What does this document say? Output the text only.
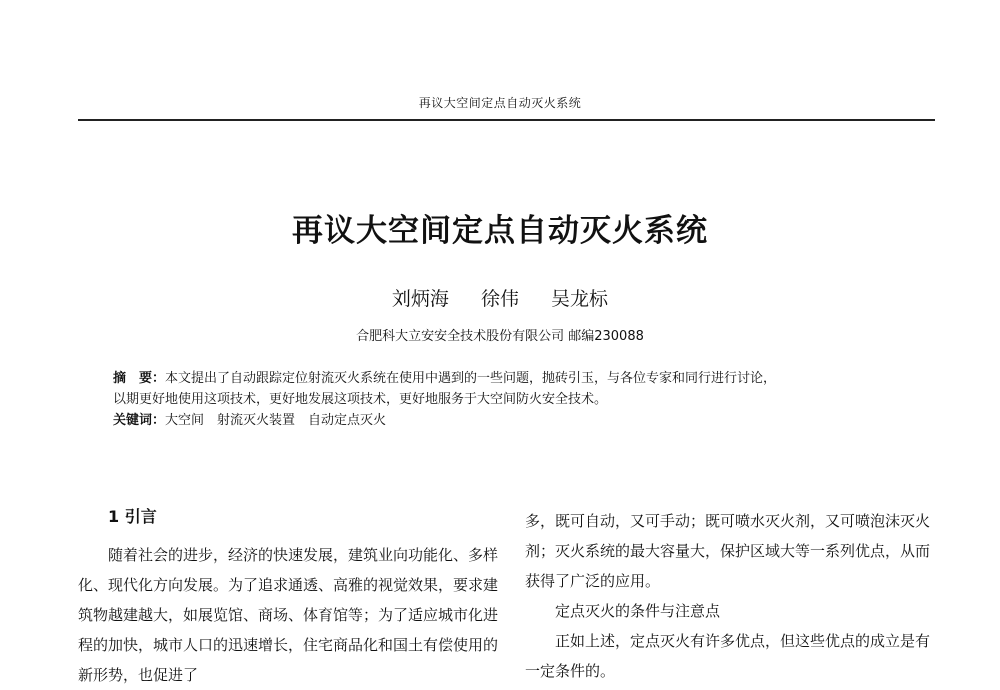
再议大空间定点自动灭火系统
再议大空间定点自动灭火系统
刘炳海 徐伟 吴龙标
合肥科大立安安全技术股份有限公司 邮编230088

摘　要：本文提出了自动跟踪定位射流灭火系统在使用中遇到的一些问题，抛砖引玉，与各位专家和同行进行讨论，

以期更好地使用这项技术，更好地发展这项技术，更好地服务于大空间防火安全技术。

关键词：大空间 射流灭火装置 自动定点灭火

1 引言

随着社会的进步，经济的快速发展，建筑业向功能化、多样化、现代化方向发展。为了追求通透、高雅的视觉效果，要求建筑物越建越大，如展览馆、商场、体育馆等；为了适应城市化进程的加快，城市人口的迅速增长，住宅商品化和国土有偿使用的新形势，也促进了

多，既可自动，又可手动；既可喷水灭火剂，又可喷泡沫灭火剂；灭火系统的最大容量大，保护区域大等一系列优点，从而获得了广泛的应用。

定点灭火的条件与注意点

正如上述，定点灭火有许多优点，但这些优点的成立是有一定条件的。
